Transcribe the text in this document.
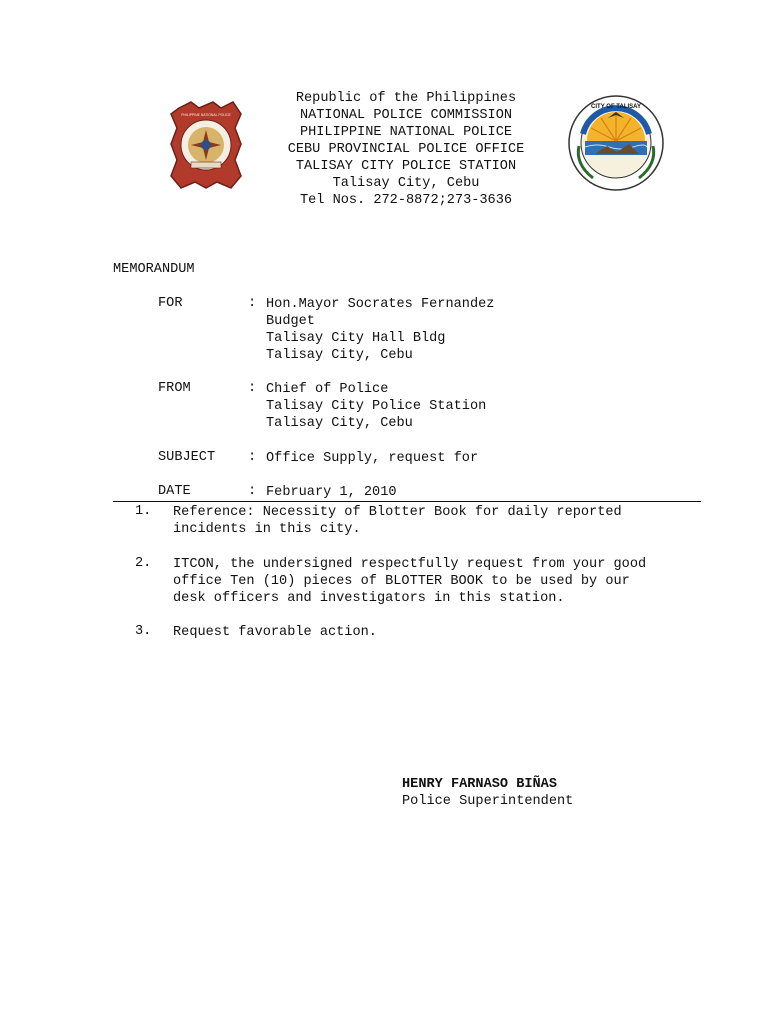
PHILIPPINE NATIONAL POLICE
Republic of the Philippines
NATIONAL POLICE COMMISSION
PHILIPPINE NATIONAL POLICE
CEBU PROVINCIAL POLICE OFFICE
TALISAY CITY POLICE STATION
Talisay City, Cebu
Tel Nos. 272-8872;273-3636
CITY OF TALISAY
MEMORANDUM
FOR	: Hon.Mayor Socrates Fernandez
Budget
Talisay City Hall Bldg
Talisay City, Cebu
FROM	: Chief of Police
Talisay City Police Station
Talisay City, Cebu
SUBJECT : Office Supply, request for
DATE	: February 1, 2010
1. Reference: Necessity of Blotter Book for daily reported
incidents in this city.
2. ITCON, the undersigned respectfully request from your good
office Ten (10) pieces of BLOTTER BOOK to be used by our
desk officers and investigators in this station.
3. Request favorable action.
HENRY FARNASO BIÑAS
Police Superintendent
